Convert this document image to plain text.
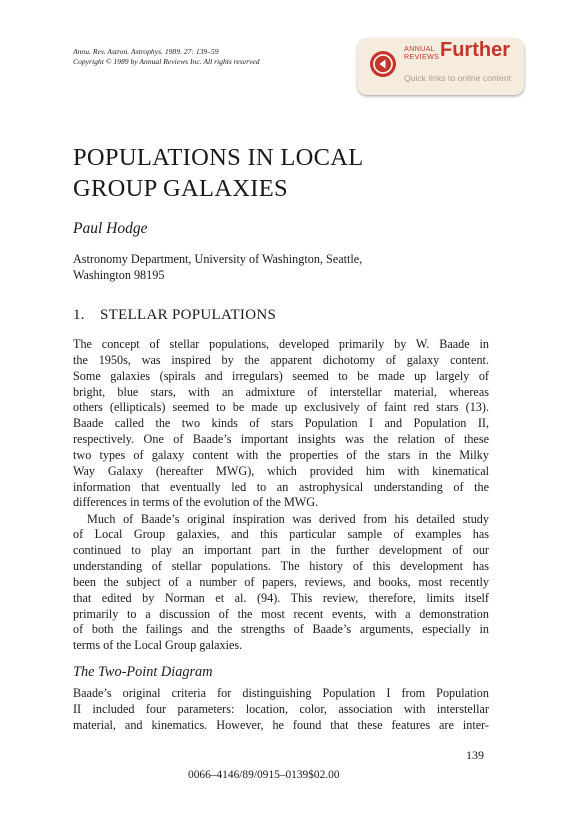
Annu. Rev. Astron. Astrophys. 1989. 27: 139–59
Copyright © 1989 by Annual Reviews Inc. All rights reserved
ANNUAL
REVIEWS Further
Quick links to online content
POPULATIONS IN LOCAL
GROUP GALAXIES
Paul Hodge
Astronomy Department, University of Washington, Seattle,
Washington 98195
1. STELLAR POPULATIONS
The concept of stellar populations, developed primarily by W. Baade in
the 1950s, was inspired by the apparent dichotomy of galaxy content.
Some galaxies (spirals and irregulars) seemed to be made up largely of
bright, blue stars, with an admixture of interstellar material, whereas
others (ellipticals) seemed to be made up exclusively of faint red stars (13).
Baade called the two kinds of stars Population I and Population II,
respectively. One of Baade’s important insights was the relation of these
two types of galaxy content with the properties of the stars in the Milky
Way Galaxy (hereafter MWG), which provided him with kinematical
information that eventually led to an astrophysical understanding of the
differences in terms of the evolution of the MWG.
Much of Baade’s original inspiration was derived from his detailed study
of Local Group galaxies, and this particular sample of examples has
continued to play an important part in the further development of our
understanding of stellar populations. The history of this development has
been the subject of a number of papers, reviews, and books, most recently
that edited by Norman et al. (94). This review, therefore, limits itself
primarily to a discussion of the most recent events, with a demonstration
of both the failings and the strengths of Baade’s arguments, especially in
terms of the Local Group galaxies.
The Two-Point Diagram
Baade’s original criteria for distinguishing Population I from Population
II included four parameters: location, color, association with interstellar
material, and kinematics. However, he found that these features are inter-
139
0066–4146/89/0915–0139$02.00
